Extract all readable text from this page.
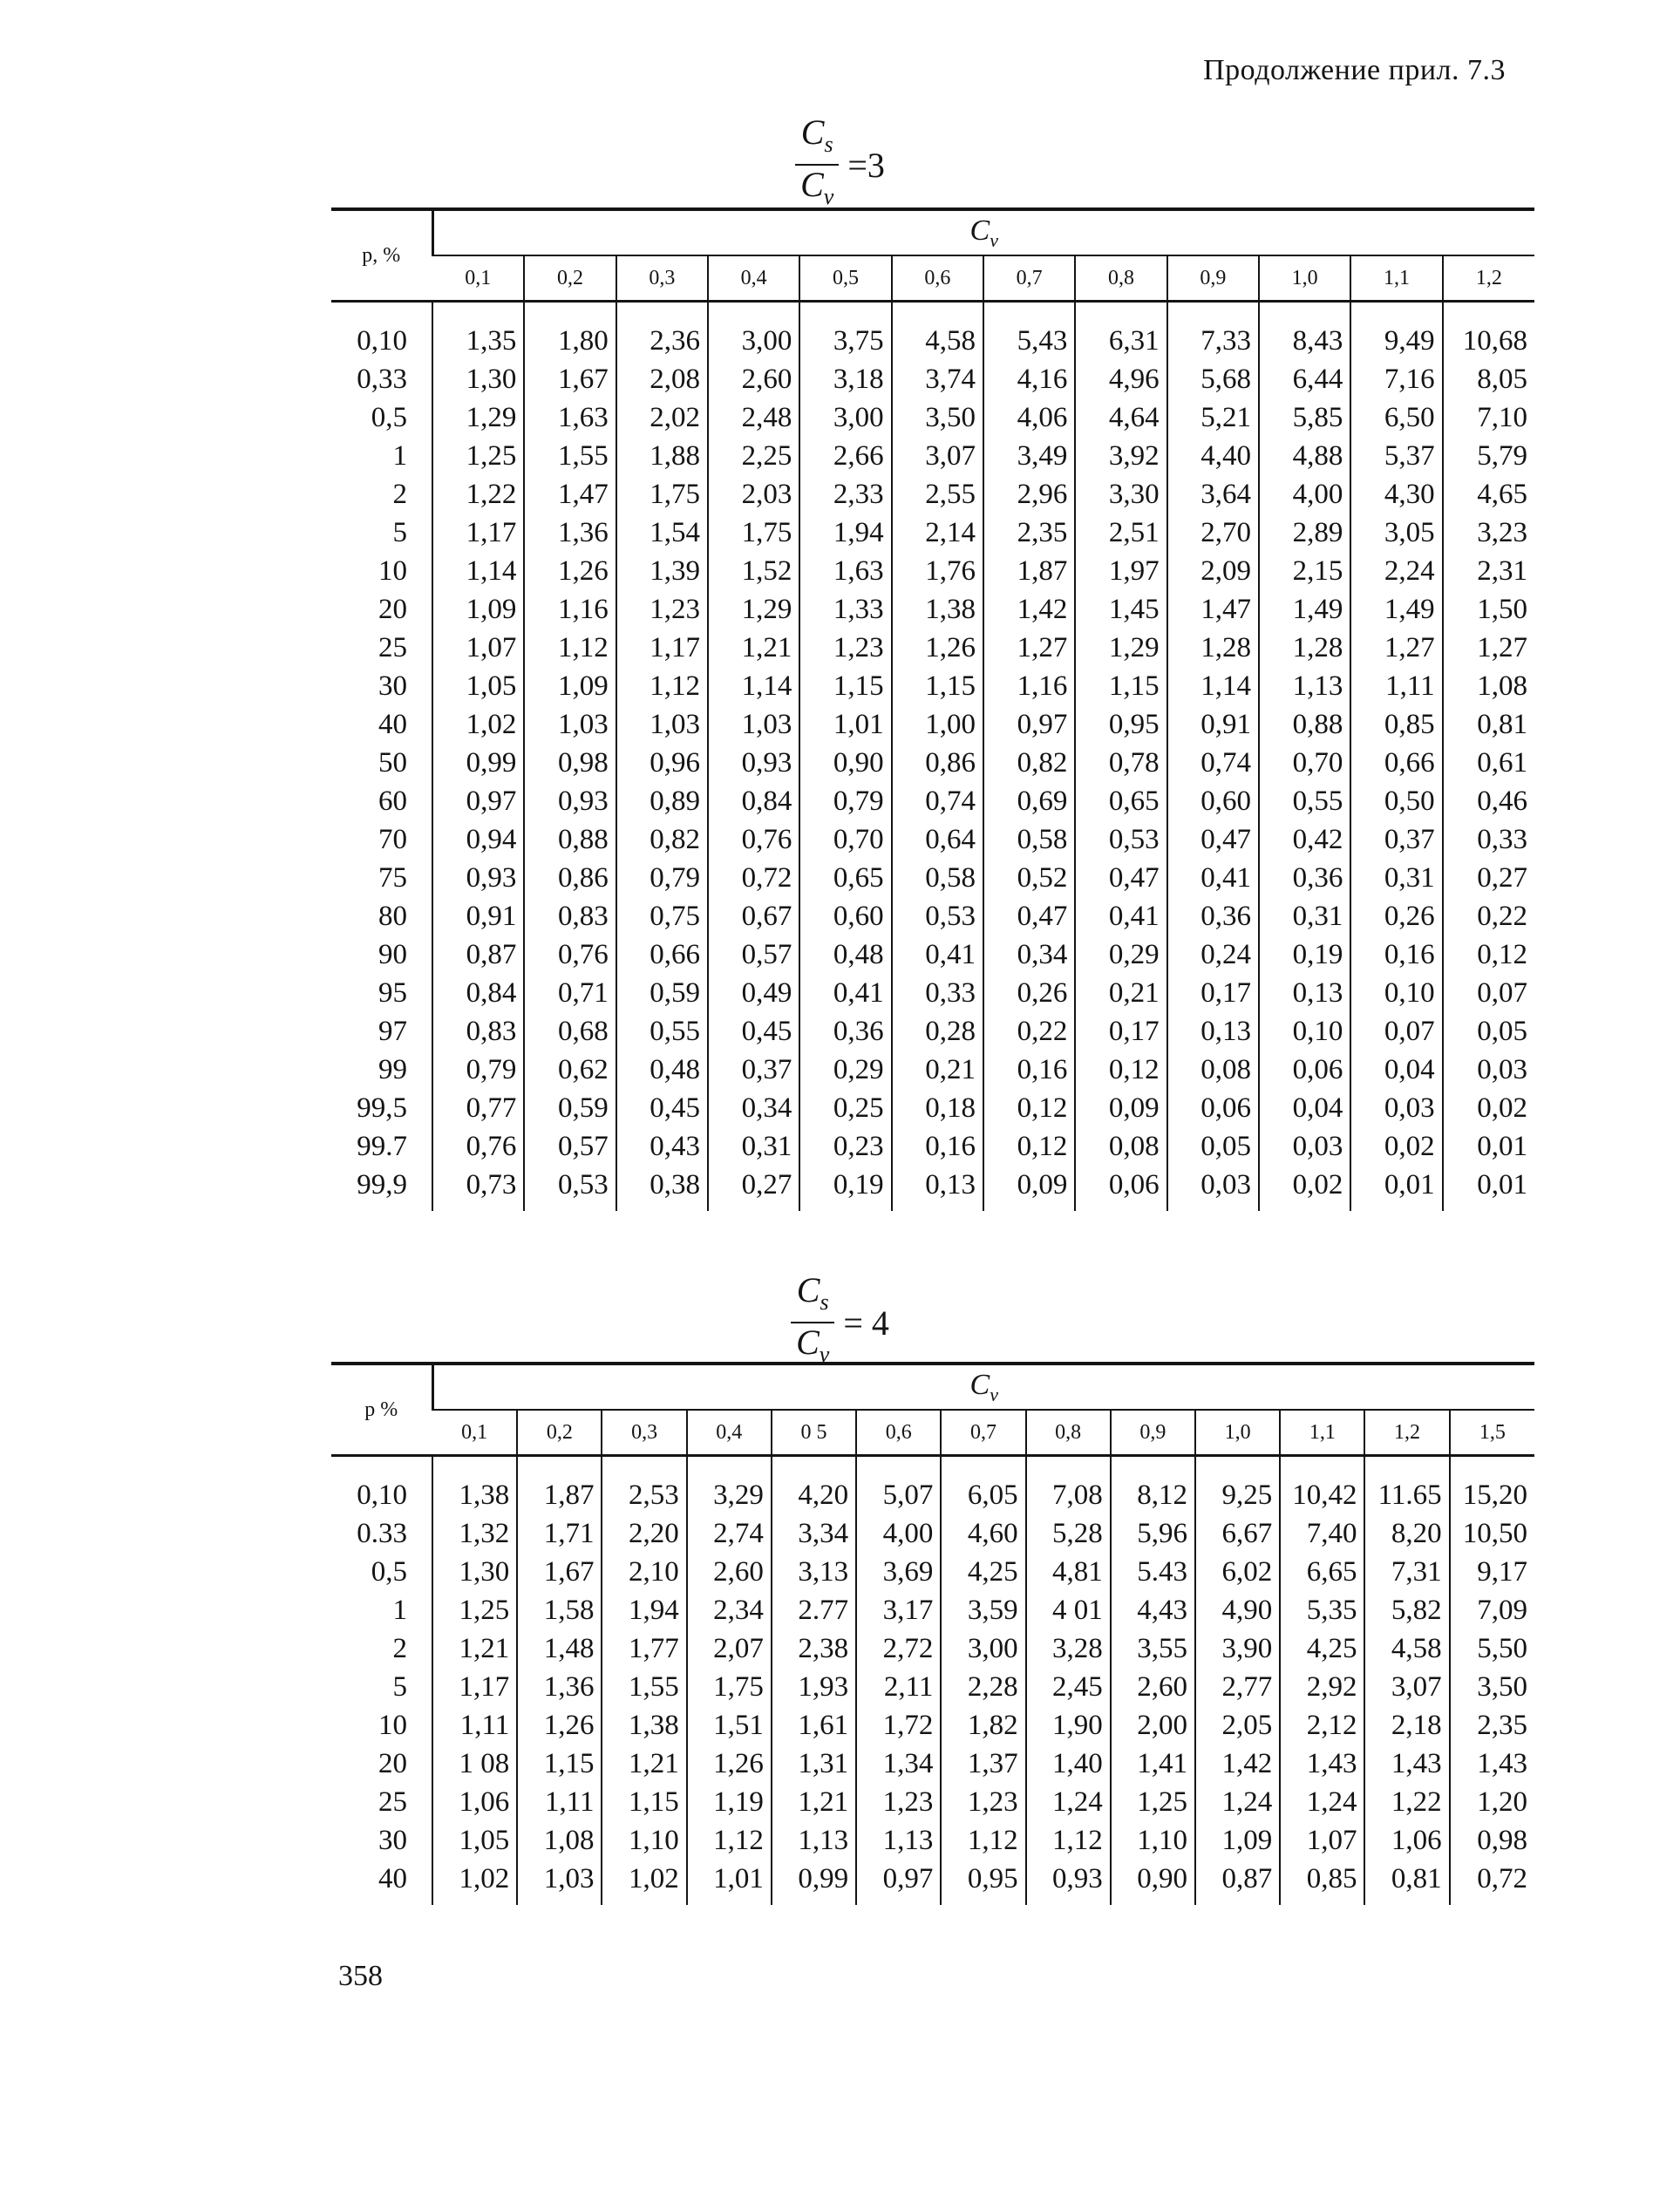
Продолжение прил. 7.3
$\frac{C_s}{C_v} =3$
p, %	$C_v$
	0,1	0,2	0,3	0,4	0,5	0,6	0,7	0,8	0,9	1,0	1,1	1,2

0,10	1,35	1,80	2,36	3,00	3,75	4,58	5,43	6,31	7,33	8,43	9,49	10,68
0,33	1,30	1,67	2,08	2,60	3,18	3,74	4,16	4,96	5,68	6,44	7,16	8,05
0,5	1,29	1,63	2,02	2,48	3,00	3,50	4,06	4,64	5,21	5,85	6,50	7,10
1	1,25	1,55	1,88	2,25	2,66	3,07	3,49	3,92	4,40	4,88	5,37	5,79
2	1,22	1,47	1,75	2,03	2,33	2,55	2,96	3,30	3,64	4,00	4,30	4,65
5	1,17	1,36	1,54	1,75	1,94	2,14	2,35	2,51	2,70	2,89	3,05	3,23
10	1,14	1,26	1,39	1,52	1,63	1,76	1,87	1,97	2,09	2,15	2,24	2,31
20	1,09	1,16	1,23	1,29	1,33	1,38	1,42	1,45	1,47	1,49	1,49	1,50
25	1,07	1,12	1,17	1,21	1,23	1,26	1,27	1,29	1,28	1,28	1,27	1,27
30	1,05	1,09	1,12	1,14	1,15	1,15	1,16	1,15	1,14	1,13	1,11	1,08
40	1,02	1,03	1,03	1,03	1,01	1,00	0,97	0,95	0,91	0,88	0,85	0,81
50	0,99	0,98	0,96	0,93	0,90	0,86	0,82	0,78	0,74	0,70	0,66	0,61
60	0,97	0,93	0,89	0,84	0,79	0,74	0,69	0,65	0,60	0,55	0,50	0,46
70	0,94	0,88	0,82	0,76	0,70	0,64	0,58	0,53	0,47	0,42	0,37	0,33
75	0,93	0,86	0,79	0,72	0,65	0,58	0,52	0,47	0,41	0,36	0,31	0,27
80	0,91	0,83	0,75	0,67	0,60	0,53	0,47	0,41	0,36	0,31	0,26	0,22
90	0,87	0,76	0,66	0,57	0,48	0,41	0,34	0,29	0,24	0,19	0,16	0,12
95	0,84	0,71	0,59	0,49	0,41	0,33	0,26	0,21	0,17	0,13	0,10	0,07
97	0,83	0,68	0,55	0,45	0,36	0,28	0,22	0,17	0,13	0,10	0,07	0,05
99	0,79	0,62	0,48	0,37	0,29	0,21	0,16	0,12	0,08	0,06	0,04	0,03
99,5	0,77	0,59	0,45	0,34	0,25	0,18	0,12	0,09	0,06	0,04	0,03	0,02
99.7	0,76	0,57	0,43	0,31	0,23	0,16	0,12	0,08	0,05	0,03	0,02	0,01
99,9	0,73	0,53	0,38	0,27	0,19	0,13	0,09	0,06	0,03	0,02	0,01	0,01
$\frac{C_s}{C_v} = 4$
p %	$C_v$
	0,1	0,2	0,3	0,4	0 5	0,6	0,7	0,8	0,9	1,0	1,1	1,2	1,5

0,10	1,38	1,87	2,53	3,29	4,20	5,07	6,05	7,08	8,12	9,25	10,42	11.65	15,20
0.33	1,32	1,71	2,20	2,74	3,34	4,00	4,60	5,28	5,96	6,67	7,40	8,20	10,50
0,5	1,30	1,67	2,10	2,60	3,13	3,69	4,25	4,81	5.43	6,02	6,65	7,31	9,17
1	1,25	1,58	1,94	2,34	2.77	3,17	3,59	4 01	4,43	4,90	5,35	5,82	7,09
2	1,21	1,48	1,77	2,07	2,38	2,72	3,00	3,28	3,55	3,90	4,25	4,58	5,50
5	1,17	1,36	1,55	1,75	1,93	2,11	2,28	2,45	2,60	2,77	2,92	3,07	3,50
10	1,11	1,26	1,38	1,51	1,61	1,72	1,82	1,90	2,00	2,05	2,12	2,18	2,35
20	1 08	1,15	1,21	1,26	1,31	1,34	1,37	1,40	1,41	1,42	1,43	1,43	1,43
25	1,06	1,11	1,15	1,19	1,21	1,23	1,23	1,24	1,25	1,24	1,24	1,22	1,20
30	1,05	1,08	1,10	1,12	1,13	1,13	1,12	1,12	1,10	1,09	1,07	1,06	0,98
40	1,02	1,03	1,02	1,01	0,99	0,97	0,95	0,93	0,90	0,87	0,85	0,81	0,72
358
